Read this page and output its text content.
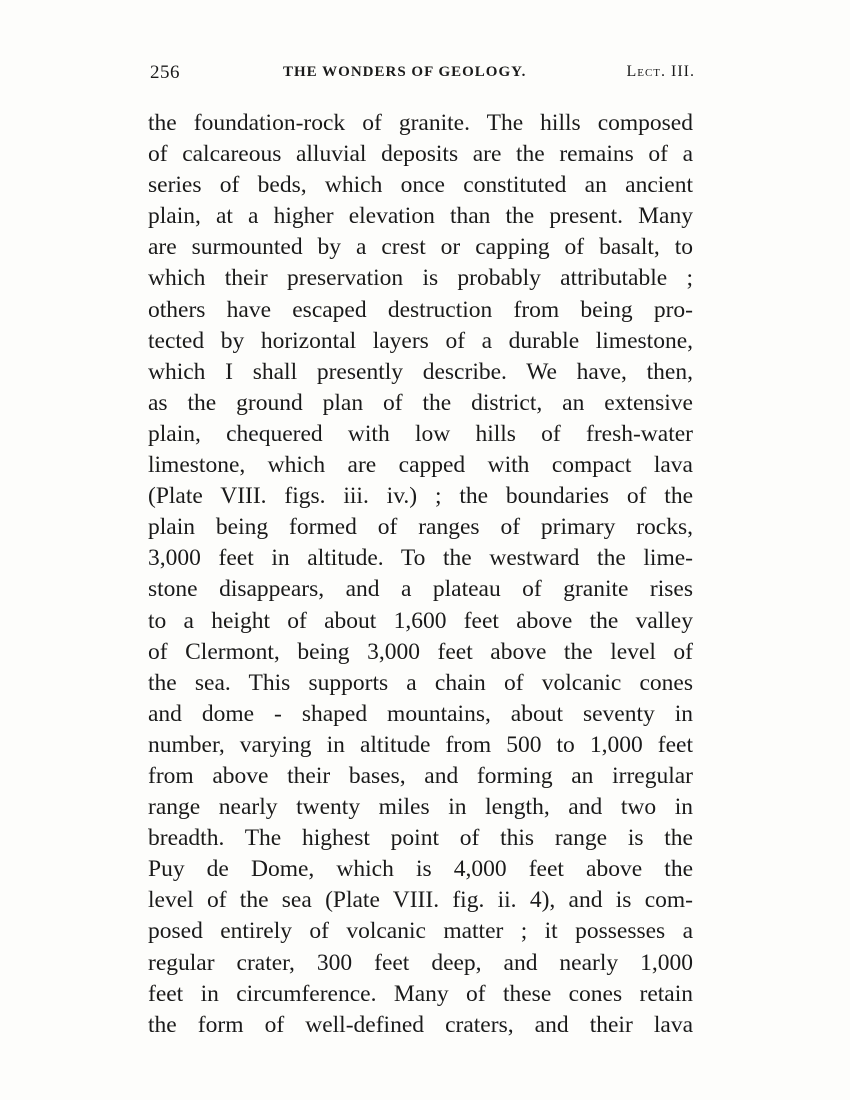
256	THE WONDERS OF GEOLOGY.	Lect. III.
the foundation-rock of granite. The hills composed
of calcareous alluvial deposits are the remains of a
series of beds, which once constituted an ancient
plain, at a higher elevation than the present. Many
are surmounted by a crest or capping of basalt, to
which their preservation is probably attributable ;
others have escaped destruction from being pro-
tected by horizontal layers of a durable limestone,
which I shall presently describe. We have, then,
as the ground plan of the district, an extensive
plain, chequered with low hills of fresh-water
limestone, which are capped with compact lava
(Plate VIII. figs. iii. iv.) ; the boundaries of the
plain being formed of ranges of primary rocks,
3,000 feet in altitude. To the westward the lime-
stone disappears, and a plateau of granite rises
to a height of about 1,600 feet above the valley
of Clermont, being 3,000 feet above the level of
the sea. This supports a chain of volcanic cones
and dome - shaped mountains, about seventy in
number, varying in altitude from 500 to 1,000 feet
from above their bases, and forming an irregular
range nearly twenty miles in length, and two in
breadth. The highest point of this range is the
Puy de Dome, which is 4,000 feet above the
level of the sea (Plate VIII. fig. ii. 4), and is com-
posed entirely of volcanic matter ; it possesses a
regular crater, 300 feet deep, and nearly 1,000
feet in circumference. Many of these cones retain
the form of well-defined craters, and their lava
